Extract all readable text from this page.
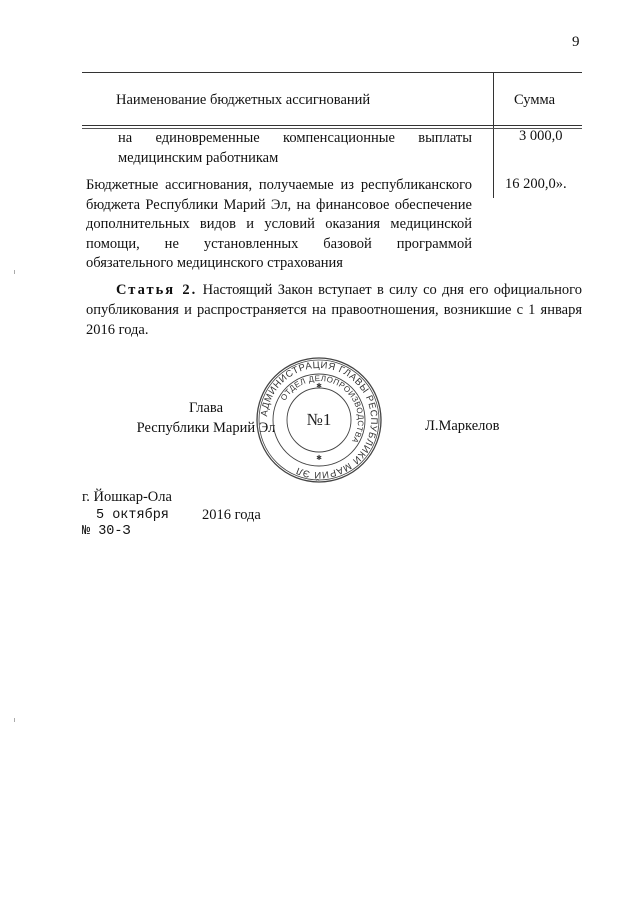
9
Наименование бюджетных ассигнований	Сумма
на единовременные компенсационные выплаты медицинским работникам
3 000,0
Бюджетные ассигнования, получаемые из республиканского бюджета Республики Марий Эл, на финансовое обеспечение дополнительных видов и условий оказания медицинской помощи, не установленных базовой программой обязательного медицинского страхования
16 200,0».
Статья 2. Настоящий Закон вступает в силу со дня его официального опубликования и распространяется на правоотношения, возникшие с 1 января 2016 года.
Глава
Республики Марий Эл
АДМИНИСТРАЦИЯ ГЛАВЫ РЕСПУБЛИКИ МАРИЙ ЭЛ
ОТДЕЛ ДЕЛОПРОИЗВОДСТВА
№1
✱
✱
Л.Маркелов
г. Йошкар-Ола
5 октября 2016 года
№ 30-З
